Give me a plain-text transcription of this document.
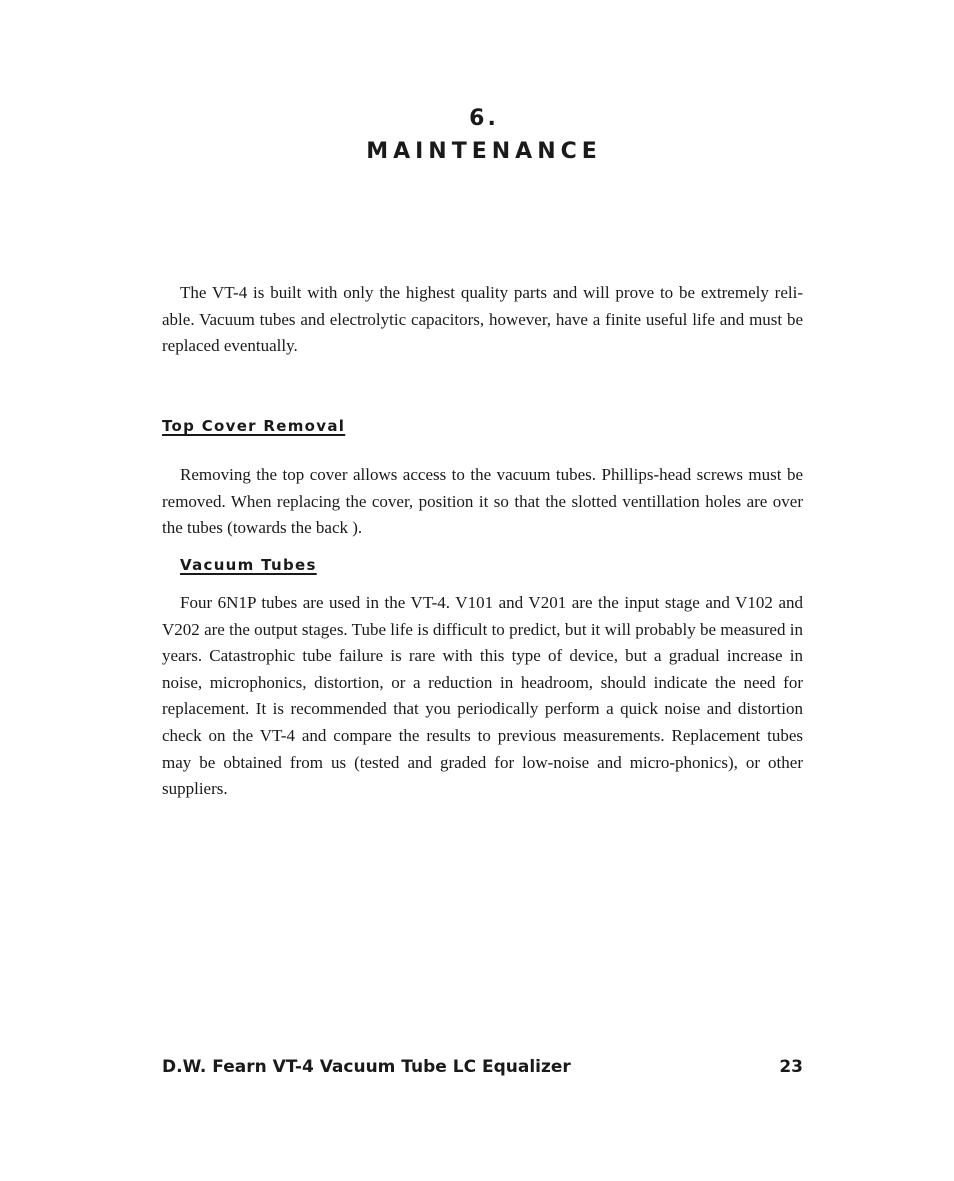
6.
MAINTENANCE

The VT-4 is built with only the highest quality parts and will prove to be extremely reli-able. Vacuum tubes and electrolytic capacitors, however, have a finite useful life and must be replaced eventually.

Top Cover Removal

Removing the top cover allows access to the vacuum tubes. Phillips-head screws must be removed. When replacing the cover, position it so that the slotted ventillation holes are over the tubes (towards the back ).

Vacuum Tubes

Four 6N1P tubes are used in the VT-4. V101 and V201 are the input stage and V102 and V202 are the output stages. Tube life is difficult to predict, but it will probably be measured in years. Catastrophic tube failure is rare with this type of device, but a gradual increase in noise, microphonics, distortion, or a reduction in headroom, should indicate the need for replacement. It is recommended that you periodically perform a quick noise and distortion check on the VT-4 and compare the results to previous measurements. Replacement tubes may be obtained from us (tested and graded for low-noise and micro-phonics), or other suppliers.

D.W. Fearn VT-4 Vacuum Tube LC Equalizer	23
